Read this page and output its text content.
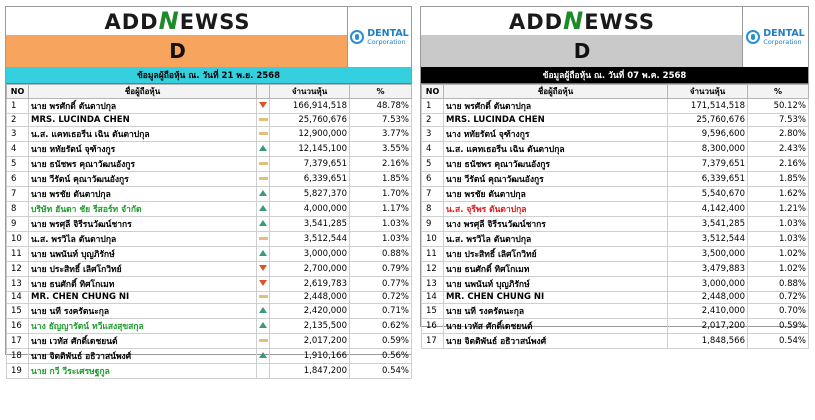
ADDNEWSS
D
DENTAL
Corporation
ข้อมูลผู้ถือหุ้น ณ. วันที่ 21 พ.ย. 2568
NO	ชื่อผู้ถือหุ้น		จำนวนหุ้น	%
1	นาย พรศักดิ์ ตันตาปกุล		166,914,518	48.78%
2	MRS. LUCINDA CHEN		25,760,676	7.53%
3	น.ส. แคทเธอรีน เฉิน ตันตาปกุล		12,900,000	3.77%
4	นาย หทัยรัตน์ จุฑ้างกูร		12,145,100	3.55%
5	นาย ธนัชพร คุณาวัฒนอังกูร		7,379,651	2.16%
6	นาย วีรัตน์ คุณาวัฒนอังกูร		6,339,651	1.85%
7	นาย พรชัย ตันตาปกุล		5,827,370	1.70%
8	บริษัท ฮันดา ชัย รีสอร์ท จำกัด		4,000,000	1.17%
9	นาย พรศุลี จิรีรนวัฒน์ชากร		3,541,285	1.03%
10	น.ส. พรวิไล ตันตาปกุล		3,512,544	1.03%
11	นาย นพนันท์ บุญภิรักษ์		3,000,000	0.88%
12	นาย ประสิทธิ์ เลิศโกวิทย์		2,700,000	0.79%
13	นาย ธนศักดิ์ ทิศโกเมท		2,619,783	0.77%
14	MR. CHEN CHUNG NI		2,448,000	0.72%
15	นาย นที รงครัตนะกุล		2,420,000	0.71%
16	นาง ธัญญารัตน์ ทวีแสงสุขสกุล		2,135,500	0.62%
17	นาย เวทัส ศักดิ์เดชยนต์		2,017,200	0.59%
18	นาย จิตติพันธ์ อธิวาสน์พงศ์		1,910,166	0.56%
19	นาย กวี วีระเศรษฐกูล		1,847,200	0.54%
ADDNEWSS
D
DENTAL
Corporation
ข้อมูลผู้ถือหุ้น ณ. วันที่ 07 พ.ค. 2568
NO	ชื่อผู้ถือหุ้น	จำนวนหุ้น	%
1	นาย พรศักดิ์ ตันตาปกุล	171,514,518	50.12%
2	MRS. LUCINDA CHEN	25,760,676	7.53%
3	นาง หทัยรัตน์ จุฑ้างกูร	9,596,600	2.80%
4	น.ส. แคทเธอรีน เฉิน ตันตาปกุล	8,300,000	2.43%
5	นาย ธนัชพร คุณาวัฒนอังกูร	7,379,651	2.16%
6	นาย วีรัตน์ คุณาวัฒนอังกูร	6,339,651	1.85%
7	นาย พรชัย ตันตาปกุล	5,540,670	1.62%
8	น.ส. จุรีพร ตันตาปกุล	4,142,400	1.21%
9	นาง พรศุลี จิรีรนวัฒน์ชากร	3,541,285	1.03%
10	น.ส. พรวิไล ตันตาปกุล	3,512,544	1.03%
11	นาย ประสิทธิ์ เลิศโกวิทย์	3,500,000	1.02%
12	นาย ธนศักดิ์ ทิศโกเมท	3,479,883	1.02%
13	นาย นพนันท์ บุญภิรักษ์	3,000,000	0.88%
14	MR. CHEN CHUNG NI	2,448,000	0.72%
15	นาย นที รงครัตนะกุล	2,410,000	0.70%
16	นาย เวทัส ศักดิ์เดชยนต์	2,017,200	0.59%
17	นาย จิตติพันธ์ อธิวาสน์พงศ์	1,848,566	0.54%
